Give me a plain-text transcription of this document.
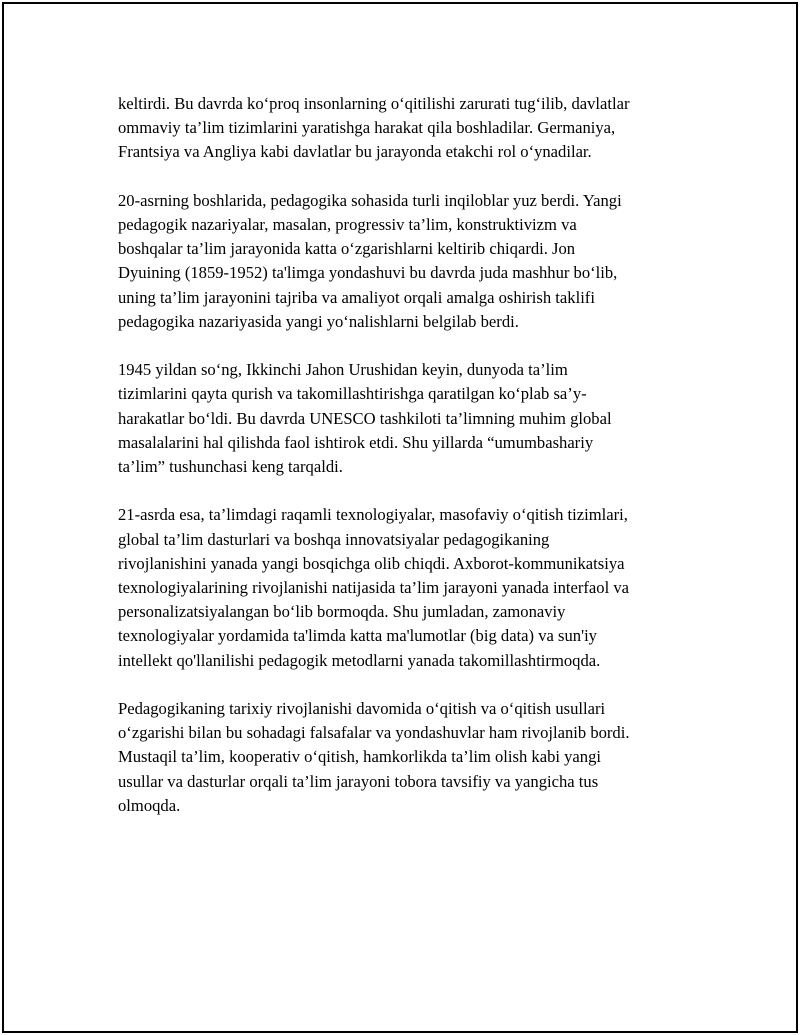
keltirdi. Bu davrda ko‘proq insonlarning o‘qitilishi zarurati tug‘ilib, davlatlar
ommaviy ta’lim tizimlarini yaratishga harakat qila boshladilar. Germaniya,
Frantsiya va Angliya kabi davlatlar bu jarayonda etakchi rol o‘ynadilar.

20-asrning boshlarida, pedagogika sohasida turli inqiloblar yuz berdi. Yangi
pedagogik nazariyalar, masalan, progressiv ta’lim, konstruktivizm va
boshqalar ta’lim jarayonida katta o‘zgarishlarni keltirib chiqardi. Jon
Dyuining (1859-1952) ta'limga yondashuvi bu davrda juda mashhur bo‘lib,
uning ta’lim jarayonini tajriba va amaliyot orqali amalga oshirish taklifi
pedagogika nazariyasida yangi yo‘nalishlarni belgilab berdi.

1945 yildan so‘ng, Ikkinchi Jahon Urushidan keyin, dunyoda ta’lim
tizimlarini qayta qurish va takomillashtirishga qaratilgan ko‘plab sa’y-
harakatlar bo‘ldi. Bu davrda UNESCO tashkiloti ta’limning muhim global
masalalarini hal qilishda faol ishtirok etdi. Shu yillarda “umumbashariy
ta’lim” tushunchasi keng tarqaldi.

21-asrda esa, ta’limdagi raqamli texnologiyalar, masofaviy o‘qitish tizimlari,
global ta’lim dasturlari va boshqa innovatsiyalar pedagogikaning
rivojlanishini yanada yangi bosqichga olib chiqdi. Axborot-kommunikatsiya
texnologiyalarining rivojlanishi natijasida ta’lim jarayoni yanada interfaol va
personalizatsiyalangan bo‘lib bormoqda. Shu jumladan, zamonaviy
texnologiyalar yordamida ta'limda katta ma'lumotlar (big data) va sun'iy
intellekt qo'llanilishi pedagogik metodlarni yanada takomillashtirmoqda.

Pedagogikaning tarixiy rivojlanishi davomida o‘qitish va o‘qitish usullari
o‘zgarishi bilan bu sohadagi falsafalar va yondashuvlar ham rivojlanib bordi.
Mustaqil ta’lim, kooperativ o‘qitish, hamkorlikda ta’lim olish kabi yangi
usullar va dasturlar orqali ta’lim jarayoni tobora tavsifiy va yangicha tus
olmoqda.
